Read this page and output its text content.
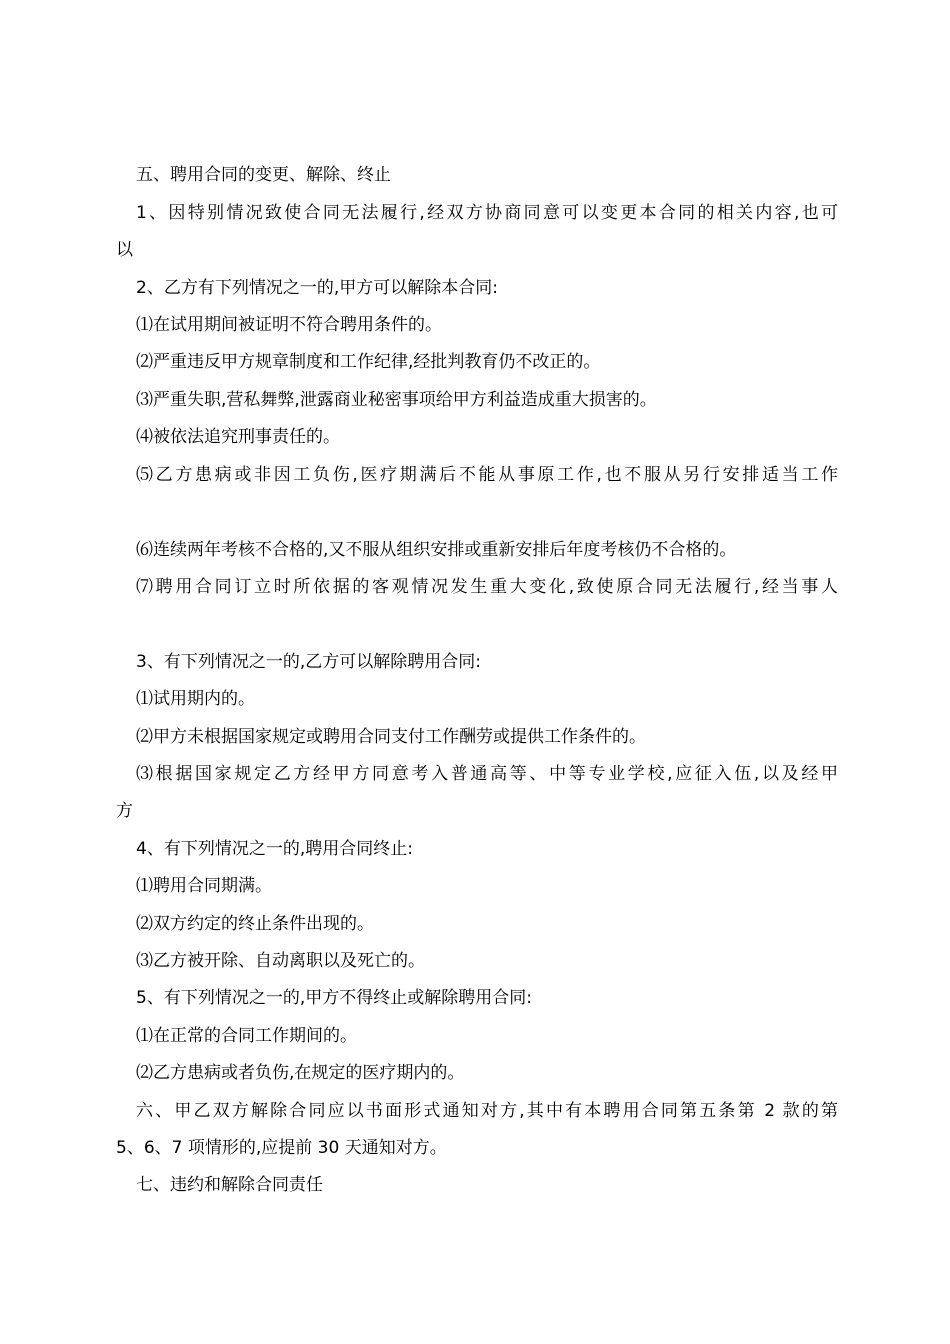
五、聘用合同的变更、解除、终止
1、因特别情况致使合同无法履行,经双方协商同意可以变更本合同的相关内容,也可
以
2、乙方有下列情况之一的,甲方可以解除本合同:
⑴在试用期间被证明不符合聘用条件的。
⑵严重违反甲方规章制度和工作纪律,经批判教育仍不改正的。
⑶严重失职,营私舞弊,泄露商业秘密事项给甲方利益造成重大损害的。
⑷被依法追究刑事责任的。
⑸乙方患病或非因工负伤,医疗期满后不能从事原工作,也不服从另行安排适当工作
⑹连续两年考核不合格的,又不服从组织安排或重新安排后年度考核仍不合格的。
⑺聘用合同订立时所依据的客观情况发生重大变化,致使原合同无法履行,经当事人
3、有下列情况之一的,乙方可以解除聘用合同:
⑴试用期内的。
⑵甲方未根据国家规定或聘用合同支付工作酬劳或提供工作条件的。
⑶根据国家规定乙方经甲方同意考入普通高等、中等专业学校,应征入伍,以及经甲
方
4、有下列情况之一的,聘用合同终止:
⑴聘用合同期满。
⑵双方约定的终止条件出现的。
⑶乙方被开除、自动离职以及死亡的。
5、有下列情况之一的,甲方不得终止或解除聘用合同:
⑴在正常的合同工作期间的。
⑵乙方患病或者负伤,在规定的医疗期内的。
六、甲乙双方解除合同应以书面形式通知对方,其中有本聘用合同第五条第 2 款的第
5、6、7 项情形的,应提前 30 天通知对方。
七、违约和解除合同责任
